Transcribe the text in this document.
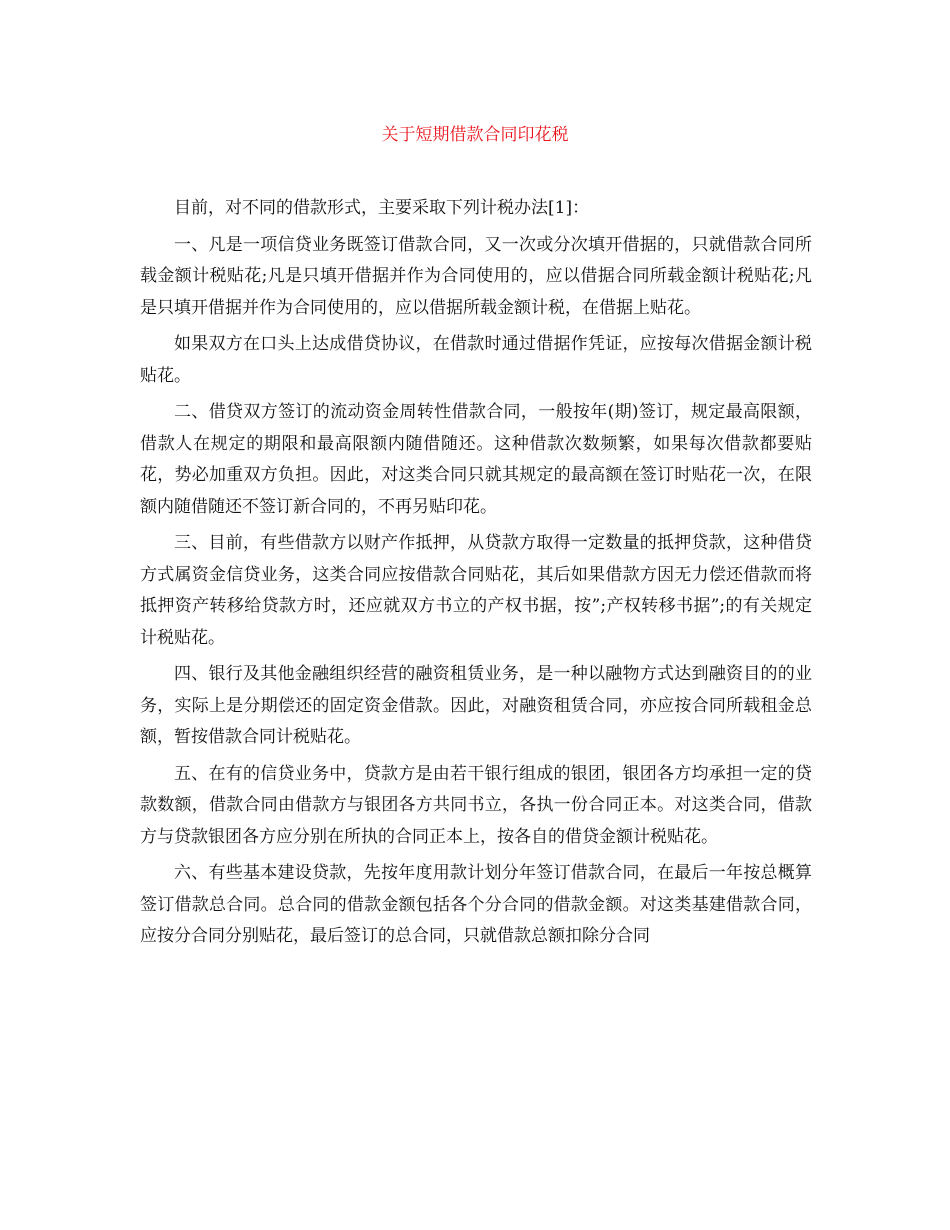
关于短期借款合同印花税

目前，对不同的借款形式，主要采取下列计税办法[1]：

一、凡是一项信贷业务既签订借款合同，又一次或分次填开借据的，只就借款合同所载金额计税贴花;凡是只填开借据并作为合同使用的，应以借据合同所载金额计税贴花;凡是只填开借据并作为合同使用的，应以借据所载金额计税，在借据上贴花。

如果双方在口头上达成借贷协议，在借款时通过借据作凭证，应按每次借据金额计税贴花。

二、借贷双方签订的流动资金周转性借款合同，一般按年(期)签订，规定最高限额，借款人在规定的期限和最高限额内随借随还。这种借款次数频繁，如果每次借款都要贴花，势必加重双方负担。因此，对这类合同只就其规定的最高额在签订时贴花一次，在限额内随借随还不签订新合同的，不再另贴印花。

三、目前，有些借款方以财产作抵押，从贷款方取得一定数量的抵押贷款，这种借贷方式属资金信贷业务，这类合同应按借款合同贴花，其后如果借款方因无力偿还借款而将抵押资产转移给贷款方时，还应就双方书立的产权书据，按”;产权转移书据”;的有关规定计税贴花。

四、银行及其他金融组织经营的融资租赁业务，是一种以融物方式达到融资目的的业务，实际上是分期偿还的固定资金借款。因此，对融资租赁合同，亦应按合同所载租金总额，暂按借款合同计税贴花。

五、在有的信贷业务中，贷款方是由若干银行组成的银团，银团各方均承担一定的贷款数额，借款合同由借款方与银团各方共同书立，各执一份合同正本。对这类合同，借款方与贷款银团各方应分别在所执的合同正本上，按各自的借贷金额计税贴花。

六、有些基本建设贷款，先按年度用款计划分年签订借款合同，在最后一年按总概算签订借款总合同。总合同的借款金额包括各个分合同的借款金额。对这类基建借款合同，应按分合同分别贴花，最后签订的总合同，只就借款总额扣除分合同
